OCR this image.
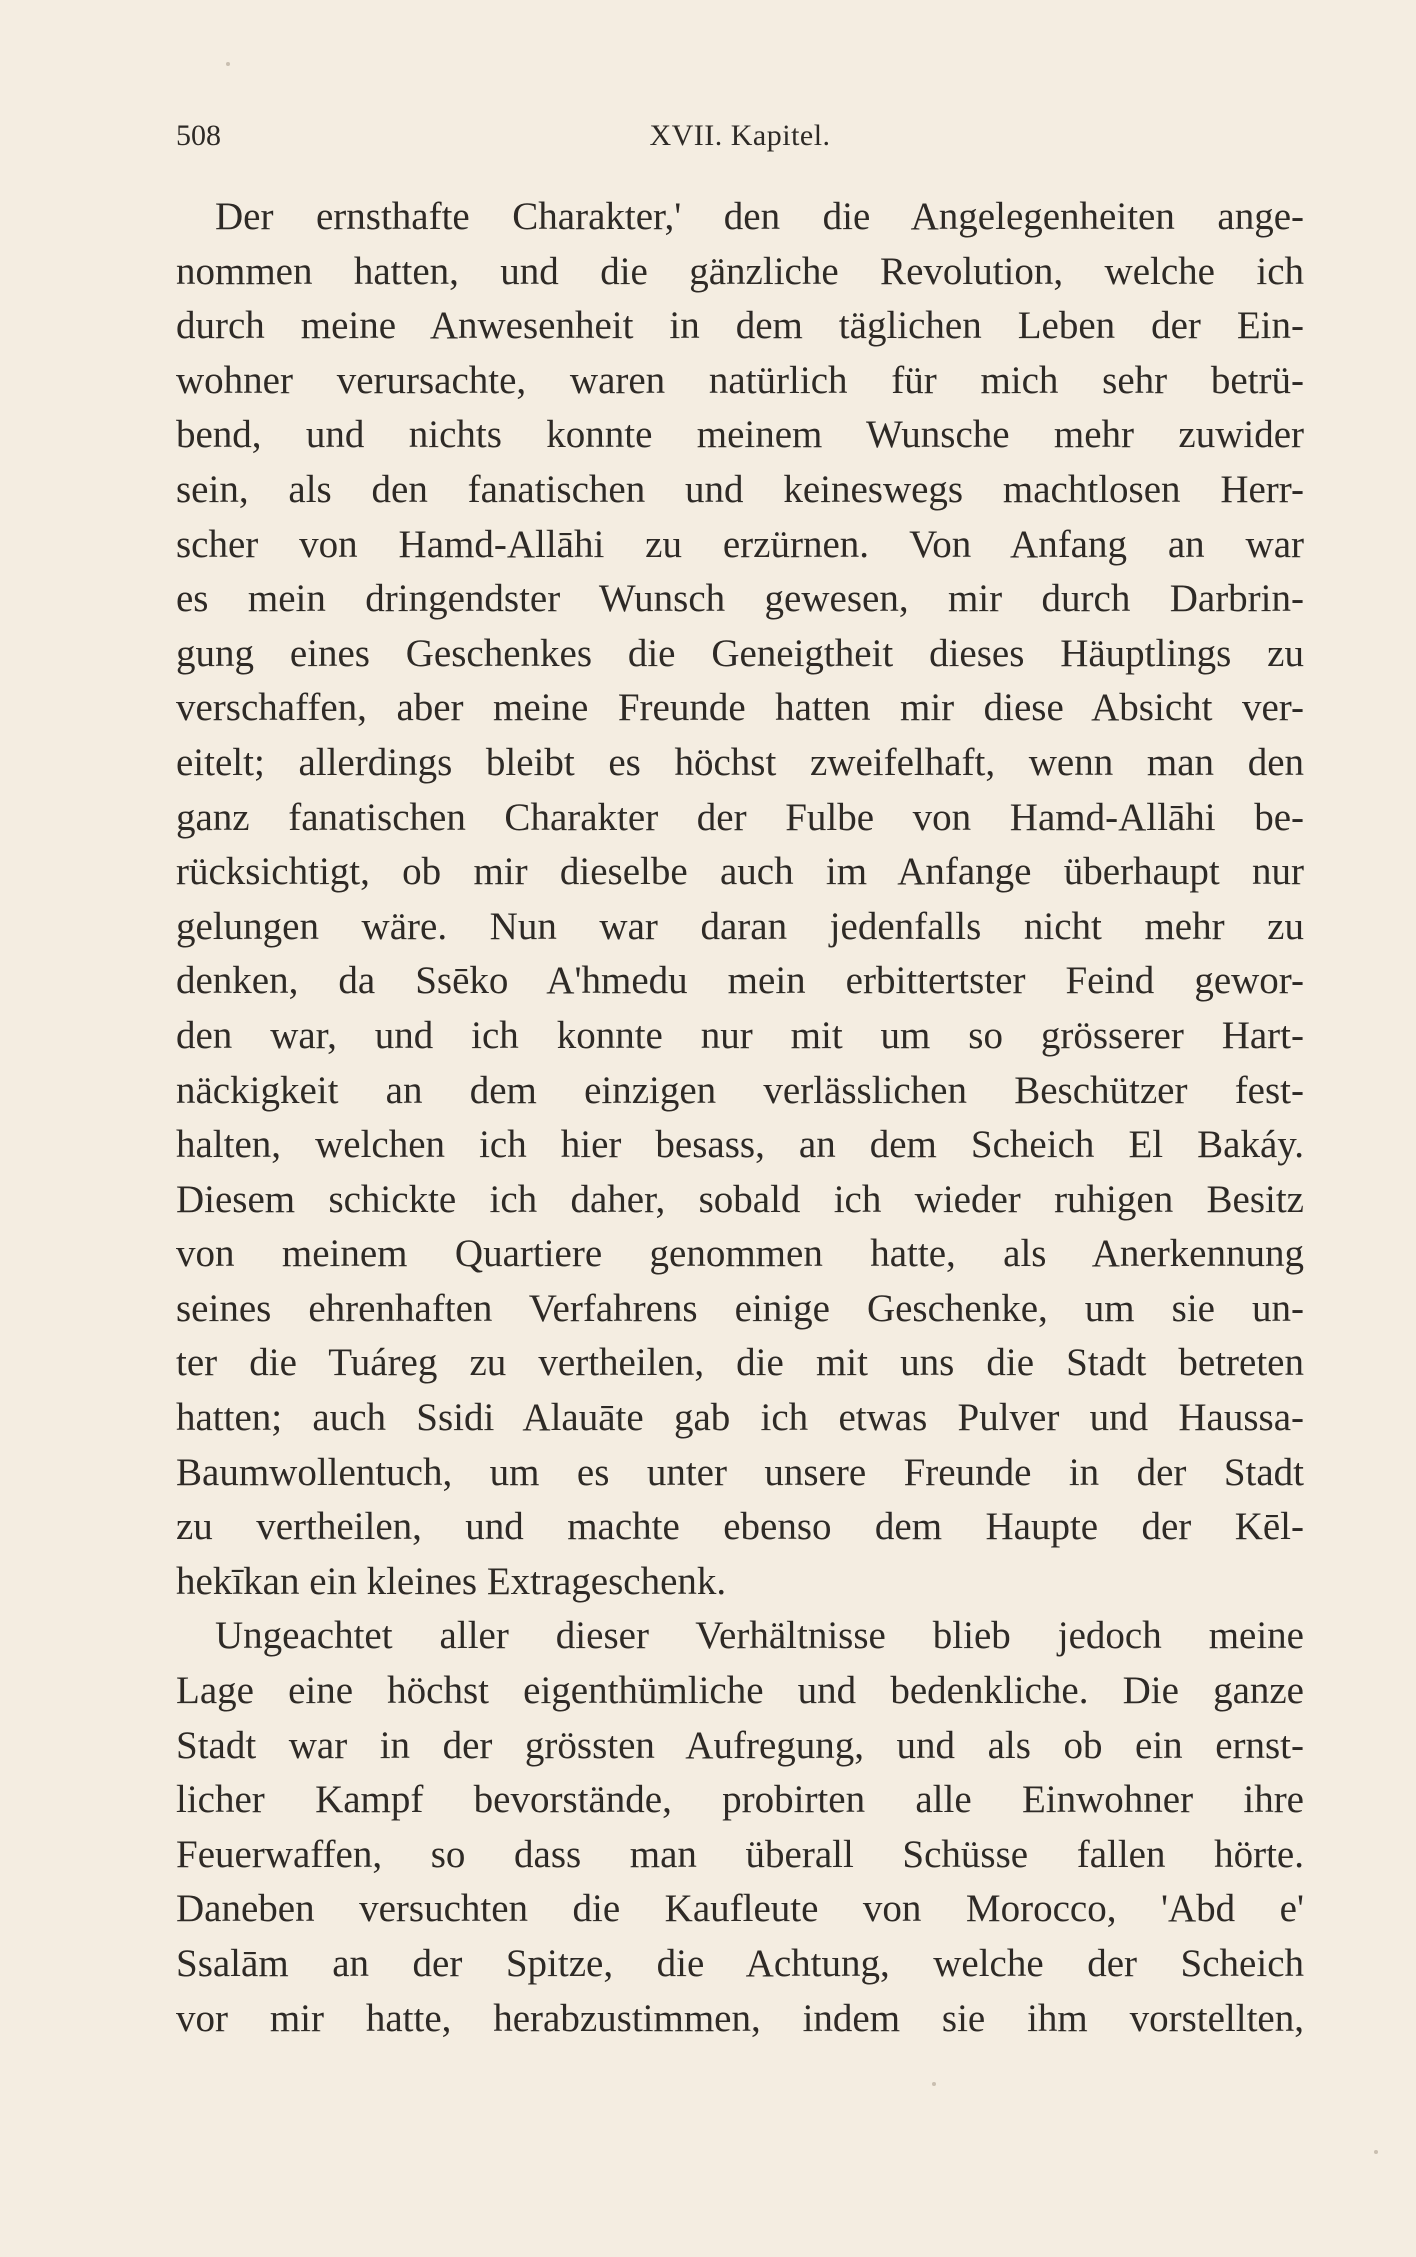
508	XVII. Kapitel.
Der ernsthafte Charakter,' den die Angelegenheiten ange-
nommen hatten, und die gänzliche Revolution, welche ich
durch meine Anwesenheit in dem täglichen Leben der Ein-
wohner verursachte, waren natürlich für mich sehr betrü-
bend, und nichts konnte meinem Wunsche mehr zuwider
sein, als den fanatischen und keineswegs machtlosen Herr-
scher von Hamd-Allāhi zu erzürnen. Von Anfang an war
es mein dringendster Wunsch gewesen, mir durch Darbrin-
gung eines Geschenkes die Geneigtheit dieses Häuptlings zu
verschaffen, aber meine Freunde hatten mir diese Absicht ver-
eitelt; allerdings bleibt es höchst zweifelhaft, wenn man den
ganz fanatischen Charakter der Fulbe von Hamd-Allāhi be-
rücksichtigt, ob mir dieselbe auch im Anfange überhaupt nur
gelungen wäre. Nun war daran jedenfalls nicht mehr zu
denken, da Ssēko A'hmedu mein erbittertster Feind gewor-
den war, und ich konnte nur mit um so grösserer Hart-
näckigkeit an dem einzigen verlässlichen Beschützer fest-
halten, welchen ich hier besass, an dem Scheich El Bakáy.
Diesem schickte ich daher, sobald ich wieder ruhigen Besitz
von meinem Quartiere genommen hatte, als Anerkennung
seines ehrenhaften Verfahrens einige Geschenke, um sie un-
ter die Tuáreg zu vertheilen, die mit uns die Stadt betreten
hatten; auch Ssidi Alauāte gab ich etwas Pulver und Haussa-
Baumwollentuch, um es unter unsere Freunde in der Stadt
zu vertheilen, und machte ebenso dem Haupte der Kēl-
hekīkan ein kleines Extrageschenk.
Ungeachtet aller dieser Verhältnisse blieb jedoch meine
Lage eine höchst eigenthümliche und bedenkliche. Die ganze
Stadt war in der grössten Aufregung, und als ob ein ernst-
licher Kampf bevorstände, probirten alle Einwohner ihre
Feuerwaffen, so dass man überall Schüsse fallen hörte.
Daneben versuchten die Kaufleute von Morocco, 'Abd e'
Ssalām an der Spitze, die Achtung, welche der Scheich
vor mir hatte, herabzustimmen, indem sie ihm vorstellten,
